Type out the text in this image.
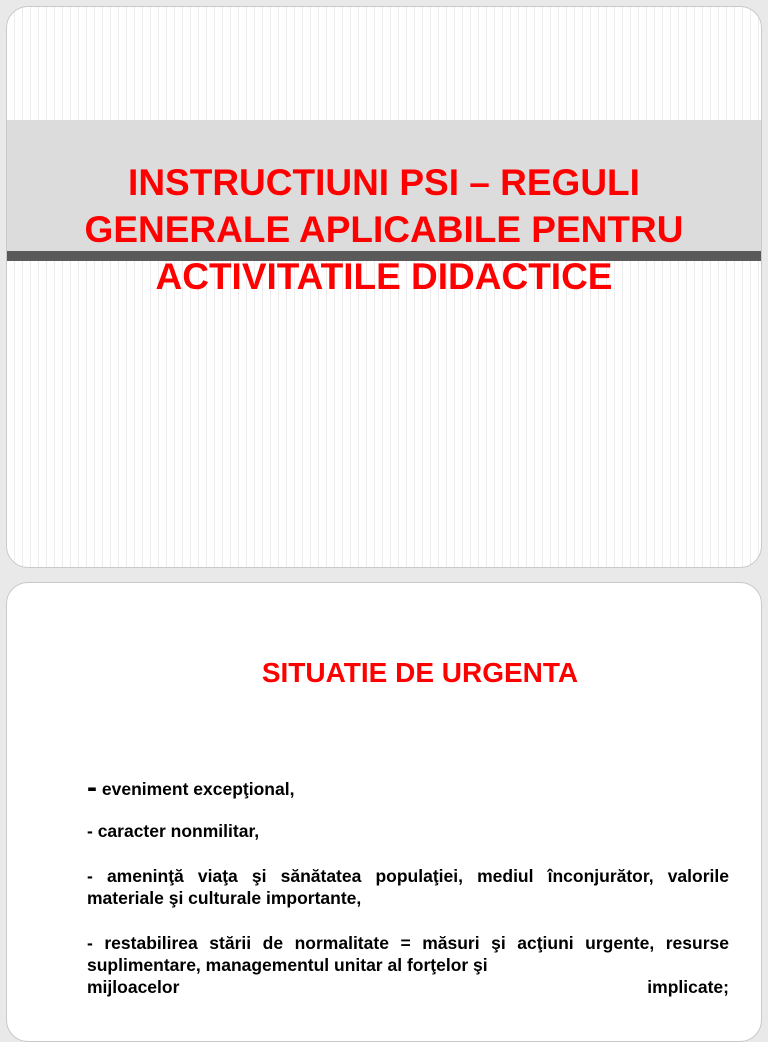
INSTRUCTIUNI PSI – REGULI
GENERALE APLICABILE PENTRU
ACTIVITATILE DIDACTICE
SITUATIE DE URGENTA
- eveniment excepţional,
- caracter nonmilitar,
- ameninţă viaţa şi sănătatea populaţiei, mediul înconjurător, valorile materiale şi culturale importante,
- restabilirea stării de normalitate = măsuri şi acţiuni urgente, resurse suplimentare, managementul unitar al forţelor şi
mijloacelor	implicate;
